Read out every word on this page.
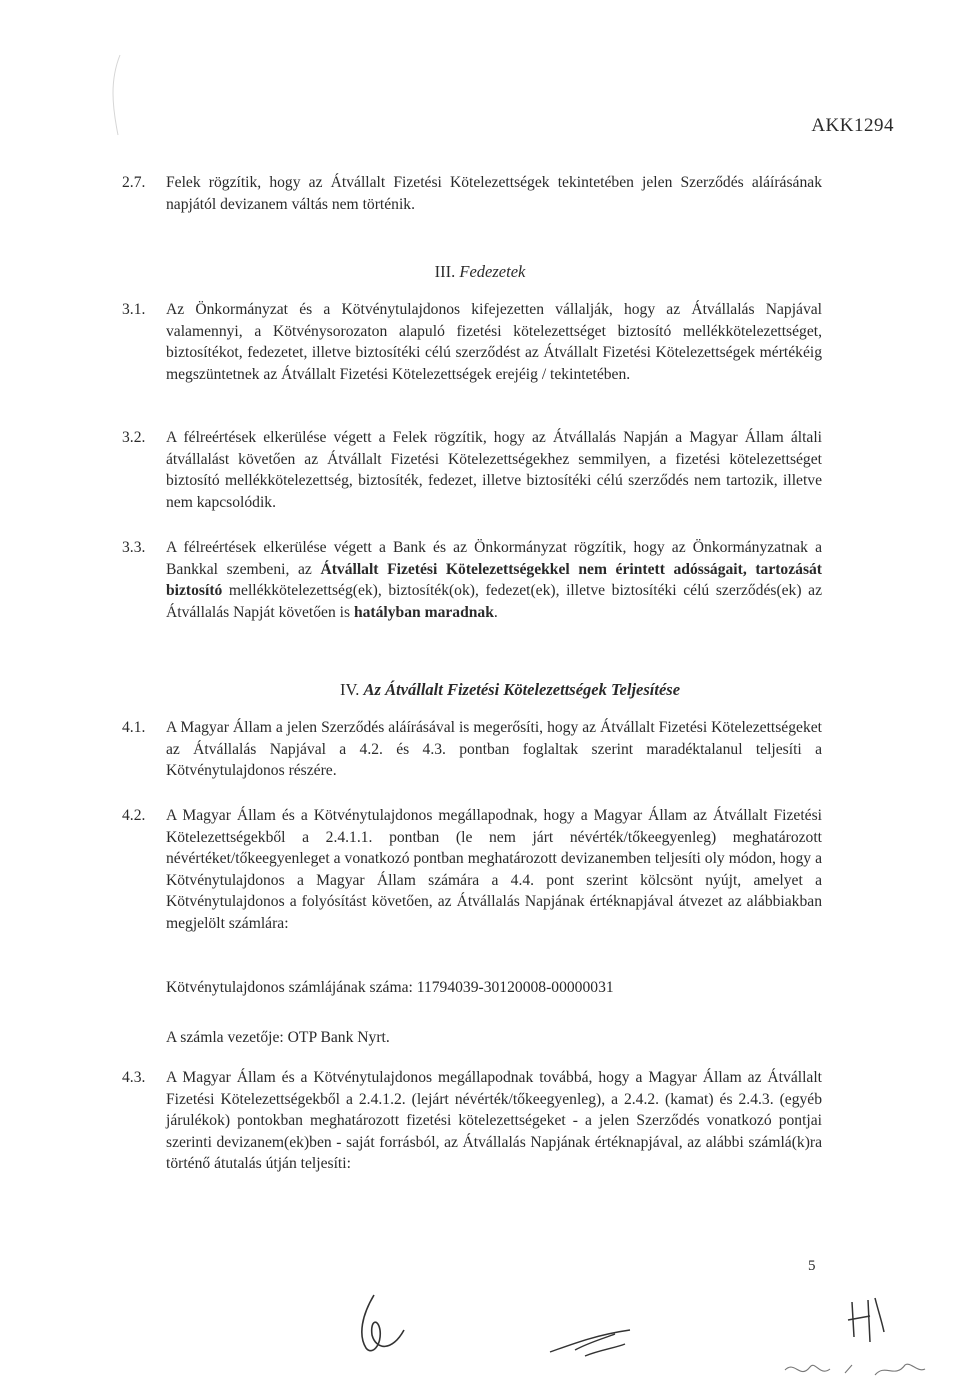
AKK1294
2.7.	Felek rögzítik, hogy az Átvállalt Fizetési Kötelezettségek tekintetében jelen Szerződés aláírásának napjától devizanem váltás nem történik.
III. Fedezetek
3.1.	Az Önkormányzat és a Kötvénytulajdonos kifejezetten vállalják, hogy az Átvállalás Napjával valamennyi, a Kötvénysorozaton alapuló fizetési kötelezettséget biztosító mellékkötelezettséget, biztosítékot, fedezetet, illetve biztosítéki célú szerződést az Átvállalt Fizetési Kötelezettségek mértékéig megszüntetnek az Átvállalt Fizetési Kötelezettségek erejéig / tekintetében.
3.2.	A félreértések elkerülése végett a Felek rögzítik, hogy az Átvállalás Napján a Magyar Állam általi átvállalást követően az Átvállalt Fizetési Kötelezettségekhez semmilyen, a fizetési kötelezettséget biztosító mellékkötelezettség, biztosíték, fedezet, illetve biztosítéki célú szerződés nem tartozik, illetve nem kapcsolódik.
3.3.	A félreértések elkerülése végett a Bank és az Önkormányzat rögzítik, hogy az Önkormányzatnak a Bankkal szembeni, az Átvállalt Fizetési Kötelezettségekkel nem érintett adósságait, tartozását biztosító mellékkötelezettség(ek), biztosíték(ok), fedezet(ek), illetve biztosítéki célú szerződés(ek) az Átvállalás Napját követően is hatályban maradnak.
IV. Az Átvállalt Fizetési Kötelezettségek Teljesítése
4.1.	A Magyar Állam a jelen Szerződés aláírásával is megerősíti, hogy az Átvállalt Fizetési Kötelezettségeket az Átvállalás Napjával a 4.2. és 4.3. pontban foglaltak szerint maradéktalanul teljesíti a Kötvénytulajdonos részére.
4.2.	A Magyar Állam és a Kötvénytulajdonos megállapodnak, hogy a Magyar Állam az Átvállalt Fizetési Kötelezettségekből a 2.4.1.1. pontban (le nem járt névérték/tőkeegyenleg) meghatározott névértéket/tőkeegyenleget a vonatkozó pontban meghatározott devizanemben teljesíti oly módon, hogy a Kötvénytulajdonos a Magyar Állam számára a 4.4. pont szerint kölcsönt nyújt, amelyet a Kötvénytulajdonos a folyósítást követően, az Átvállalás Napjának értéknapjával átvezet az alábbiakban megjelölt számlára:
Kötvénytulajdonos számlájának száma: 11794039-30120008-00000031
A számla vezetője: OTP Bank Nyrt.
4.3.	A Magyar Állam és a Kötvénytulajdonos megállapodnak továbbá, hogy a Magyar Állam az Átvállalt Fizetési Kötelezettségekből a 2.4.1.2. (lejárt névérték/tőkeegyenleg), a 2.4.2. (kamat) és 2.4.3. (egyéb járulékok) pontokban meghatározott fizetési kötelezettségeket - a jelen Szerződés vonatkozó pontjai szerinti devizanem(ek)ben - saját forrásból, az Átvállalás Napjának értéknapjával, az alábbi számlá(k)ra történő átutalás útján teljesíti:
5
